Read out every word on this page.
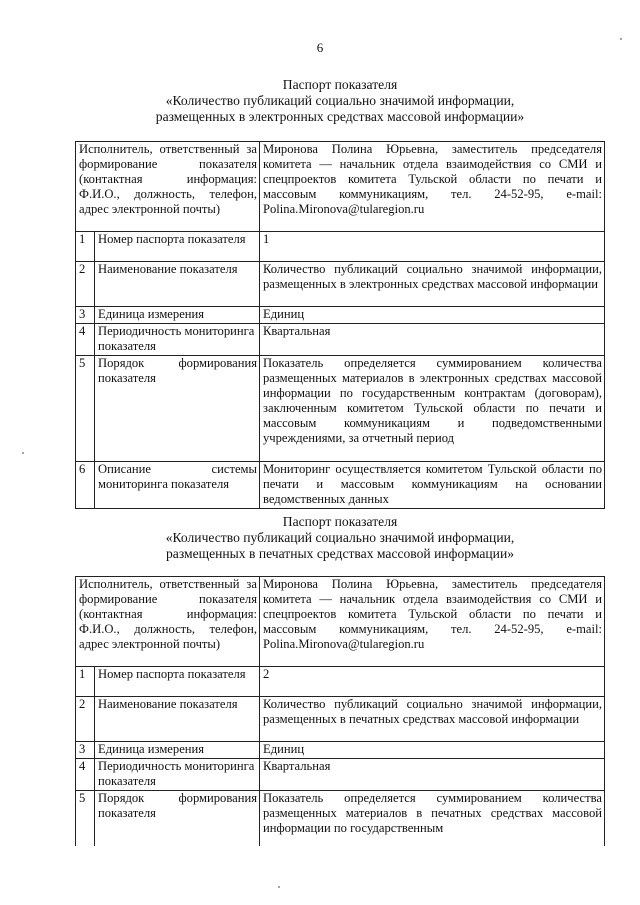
6
Паспорт показателя
«Количество публикаций социально значимой информации,
размещенных в электронных средствах массовой информации»
Исполнитель, ответственный за формирование показателя (контактная информация: Ф.И.О., должность, телефон, адрес электронной почты)		Миронова Полина Юрьевна, заместитель председателя комитета — начальник отдела взаимодействия со СМИ и спецпроектов комитета Тульской области по печати и массовым коммуникациям, тел. 24-52-95, e-mail: Polina.Mironova@tularegion.ru
1	Номер паспорта показателя	1
2	Наименование показателя	Количество публикаций социально значимой информации, размещенных в электронных средствах массовой информации
3	Единица измерения	Единиц
4	Периодичность мониторинга показателя	Квартальная
5	Порядок формирования показателя	Показатель определяется суммированием количества размещенных материалов в электронных средствах массовой информации по государственным контрактам (договорам), заключенным комитетом Тульской области по печати и массовым коммуникациям и подведомственными учреждениями, за отчетный период
6	Описание системы мониторинга показателя	Мониторинг осуществляется комитетом Тульской области по печати и массовым коммуникациям на основании ведомственных данных
Паспорт показателя
«Количество публикаций социально значимой информации,
размещенных в печатных средствах массовой информации»
Исполнитель, ответственный за формирование показателя (контактная информация: Ф.И.О., должность, телефон, адрес электронной почты)		Миронова Полина Юрьевна, заместитель председателя комитета — начальник отдела взаимодействия со СМИ и спецпроектов комитета Тульской области по печати и массовым коммуникациям, тел. 24-52-95, e-mail: Polina.Mironova@tularegion.ru
1	Номер паспорта показателя	2
2	Наименование показателя	Количество публикаций социально значимой информации, размещенных в печатных средствах массовой информации
3	Единица измерения	Единиц
4	Периодичность мониторинга показателя	Квартальная
5	Порядок формирования показателя	Показатель определяется суммированием количества размещенных материалов в печатных средствах массовой информации по государственным
